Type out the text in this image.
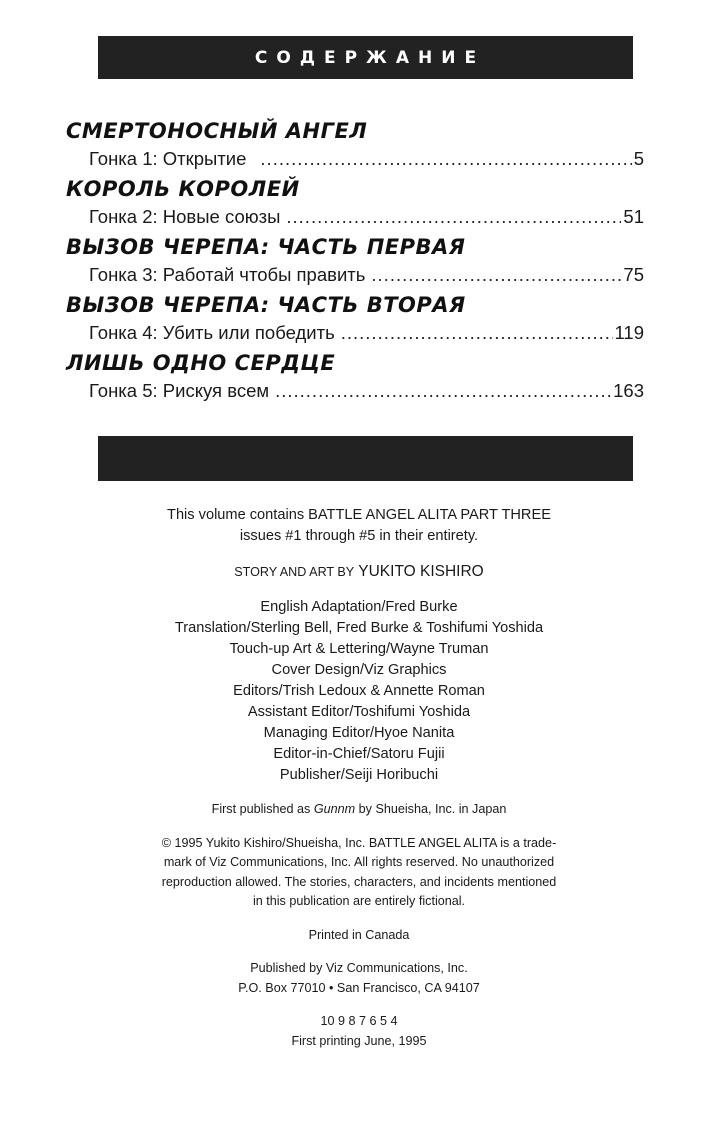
СОДЕРЖАНИЕ
СМЕРТОНОСНЫЙ АНГЕЛ
Гонка 1: Открытие .....	5
КОРОЛЬ КОРОЛЕЙ
Гонка 2: Новые союзы .....	51
ВЫЗОВ ЧЕРЕПА: ЧАСТЬ ПЕРВАЯ
Гонка 3: Работай чтобы править .....	75
ВЫЗОВ ЧЕРЕПА: ЧАСТЬ ВТОРАЯ
Гонка 4: Убить или победить .....	119
ЛИШЬ ОДНО СЕРДЦЕ
Гонка 5: Рискуя всем .....	163
This volume contains BATTLE ANGEL ALITA PART THREE
issues #1 through #5 in their entirety.
STORY AND ART BY YUKITO KISHIRO
English Adaptation/Fred Burke
Translation/Sterling Bell, Fred Burke & Toshifumi Yoshida
Touch-up Art & Lettering/Wayne Truman
Cover Design/Viz Graphics
Editors/Trish Ledoux & Annette Roman
Assistant Editor/Toshifumi Yoshida
Managing Editor/Hyoe Nanita
Editor-in-Chief/Satoru Fujii
Publisher/Seiji Horibuchi
First published as Gunnm by Shueisha, Inc. in Japan
© 1995 Yukito Kishiro/Shueisha, Inc. BATTLE ANGEL ALITA is a trade-
mark of Viz Communications, Inc. All rights reserved. No unauthorized
reproduction allowed. The stories, characters, and incidents mentioned
in this publication are entirely fictional.
Printed in Canada
Published by Viz Communications, Inc.
P.O. Box 77010 • San Francisco, CA 94107
10 9 8 7 6 5 4
First printing June, 1995
